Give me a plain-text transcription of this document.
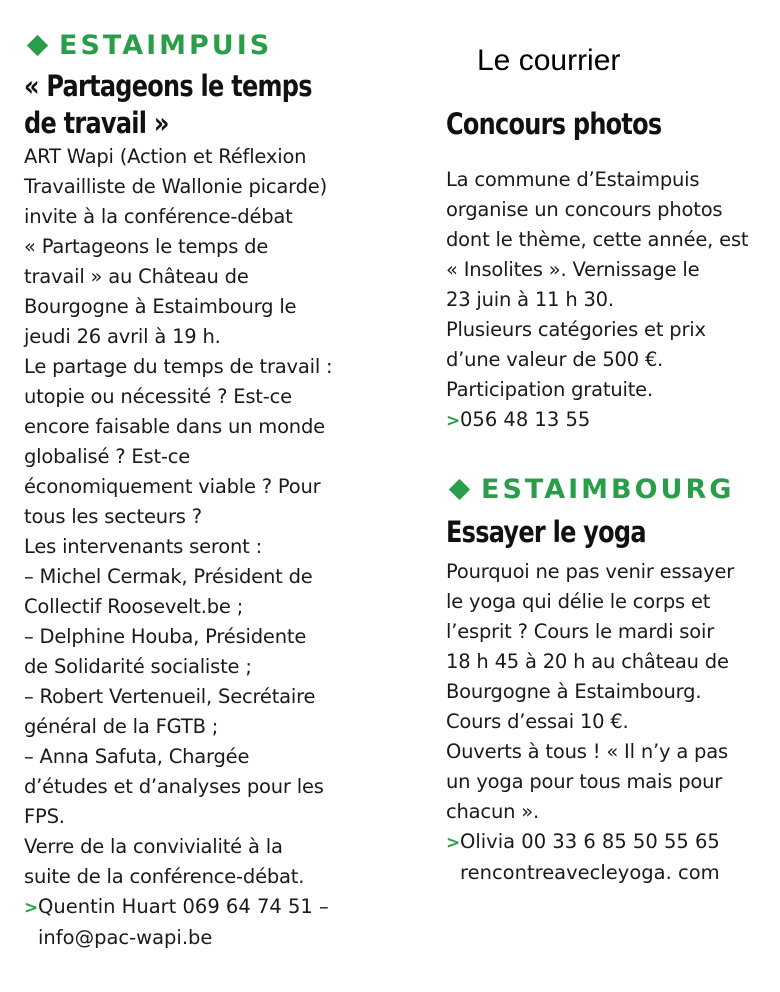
ESTAIMPUIS
« Partageons le temps
de travail »
ART Wapi (Action et Réflexion
Travailliste de Wallonie picarde)
invite à la conférence-débat
« Partageons le temps de
travail » au Château de
Bourgogne à Estaimbourg le
jeudi 26 avril à 19 h.
Le partage du temps de travail :
utopie ou nécessité ? Est-ce
encore faisable dans un monde
globalisé ? Est-ce
économiquement viable ? Pour
tous les secteurs ?
Les intervenants seront :
– Michel Cermak, Président de
Collectif Roosevelt.be ;
– Delphine Houba, Présidente
de Solidarité socialiste ;
– Robert Vertenueil, Secrétaire
général de la FGTB ;
– Anna Safuta, Chargée
d’études et d’analyses pour les
FPS.
Verre de la convivialité à la
suite de la conférence-débat.
>Quentin Huart 069 64 74 51 –
info@pac-wapi.be
Le courrier
Concours photos
La commune d’Estaimpuis
organise un concours photos
dont le thème, cette année, est
« Insolites ». Vernissage le
23 juin à 11 h 30.
Plusieurs catégories et prix
d’une valeur de 500 €.
Participation gratuite.
>056 48 13 55
ESTAIMBOURG
Essayer le yoga
Pourquoi ne pas venir essayer
le yoga qui délie le corps et
l’esprit ? Cours le mardi soir
18 h 45 à 20 h au château de
Bourgogne à Estaimbourg.
Cours d’essai 10 €.
Ouverts à tous ! « Il n’y a pas
un yoga pour tous mais pour
chacun ».
>Olivia 00 33 6 85 50 55 65
rencontreavecleyoga. com
